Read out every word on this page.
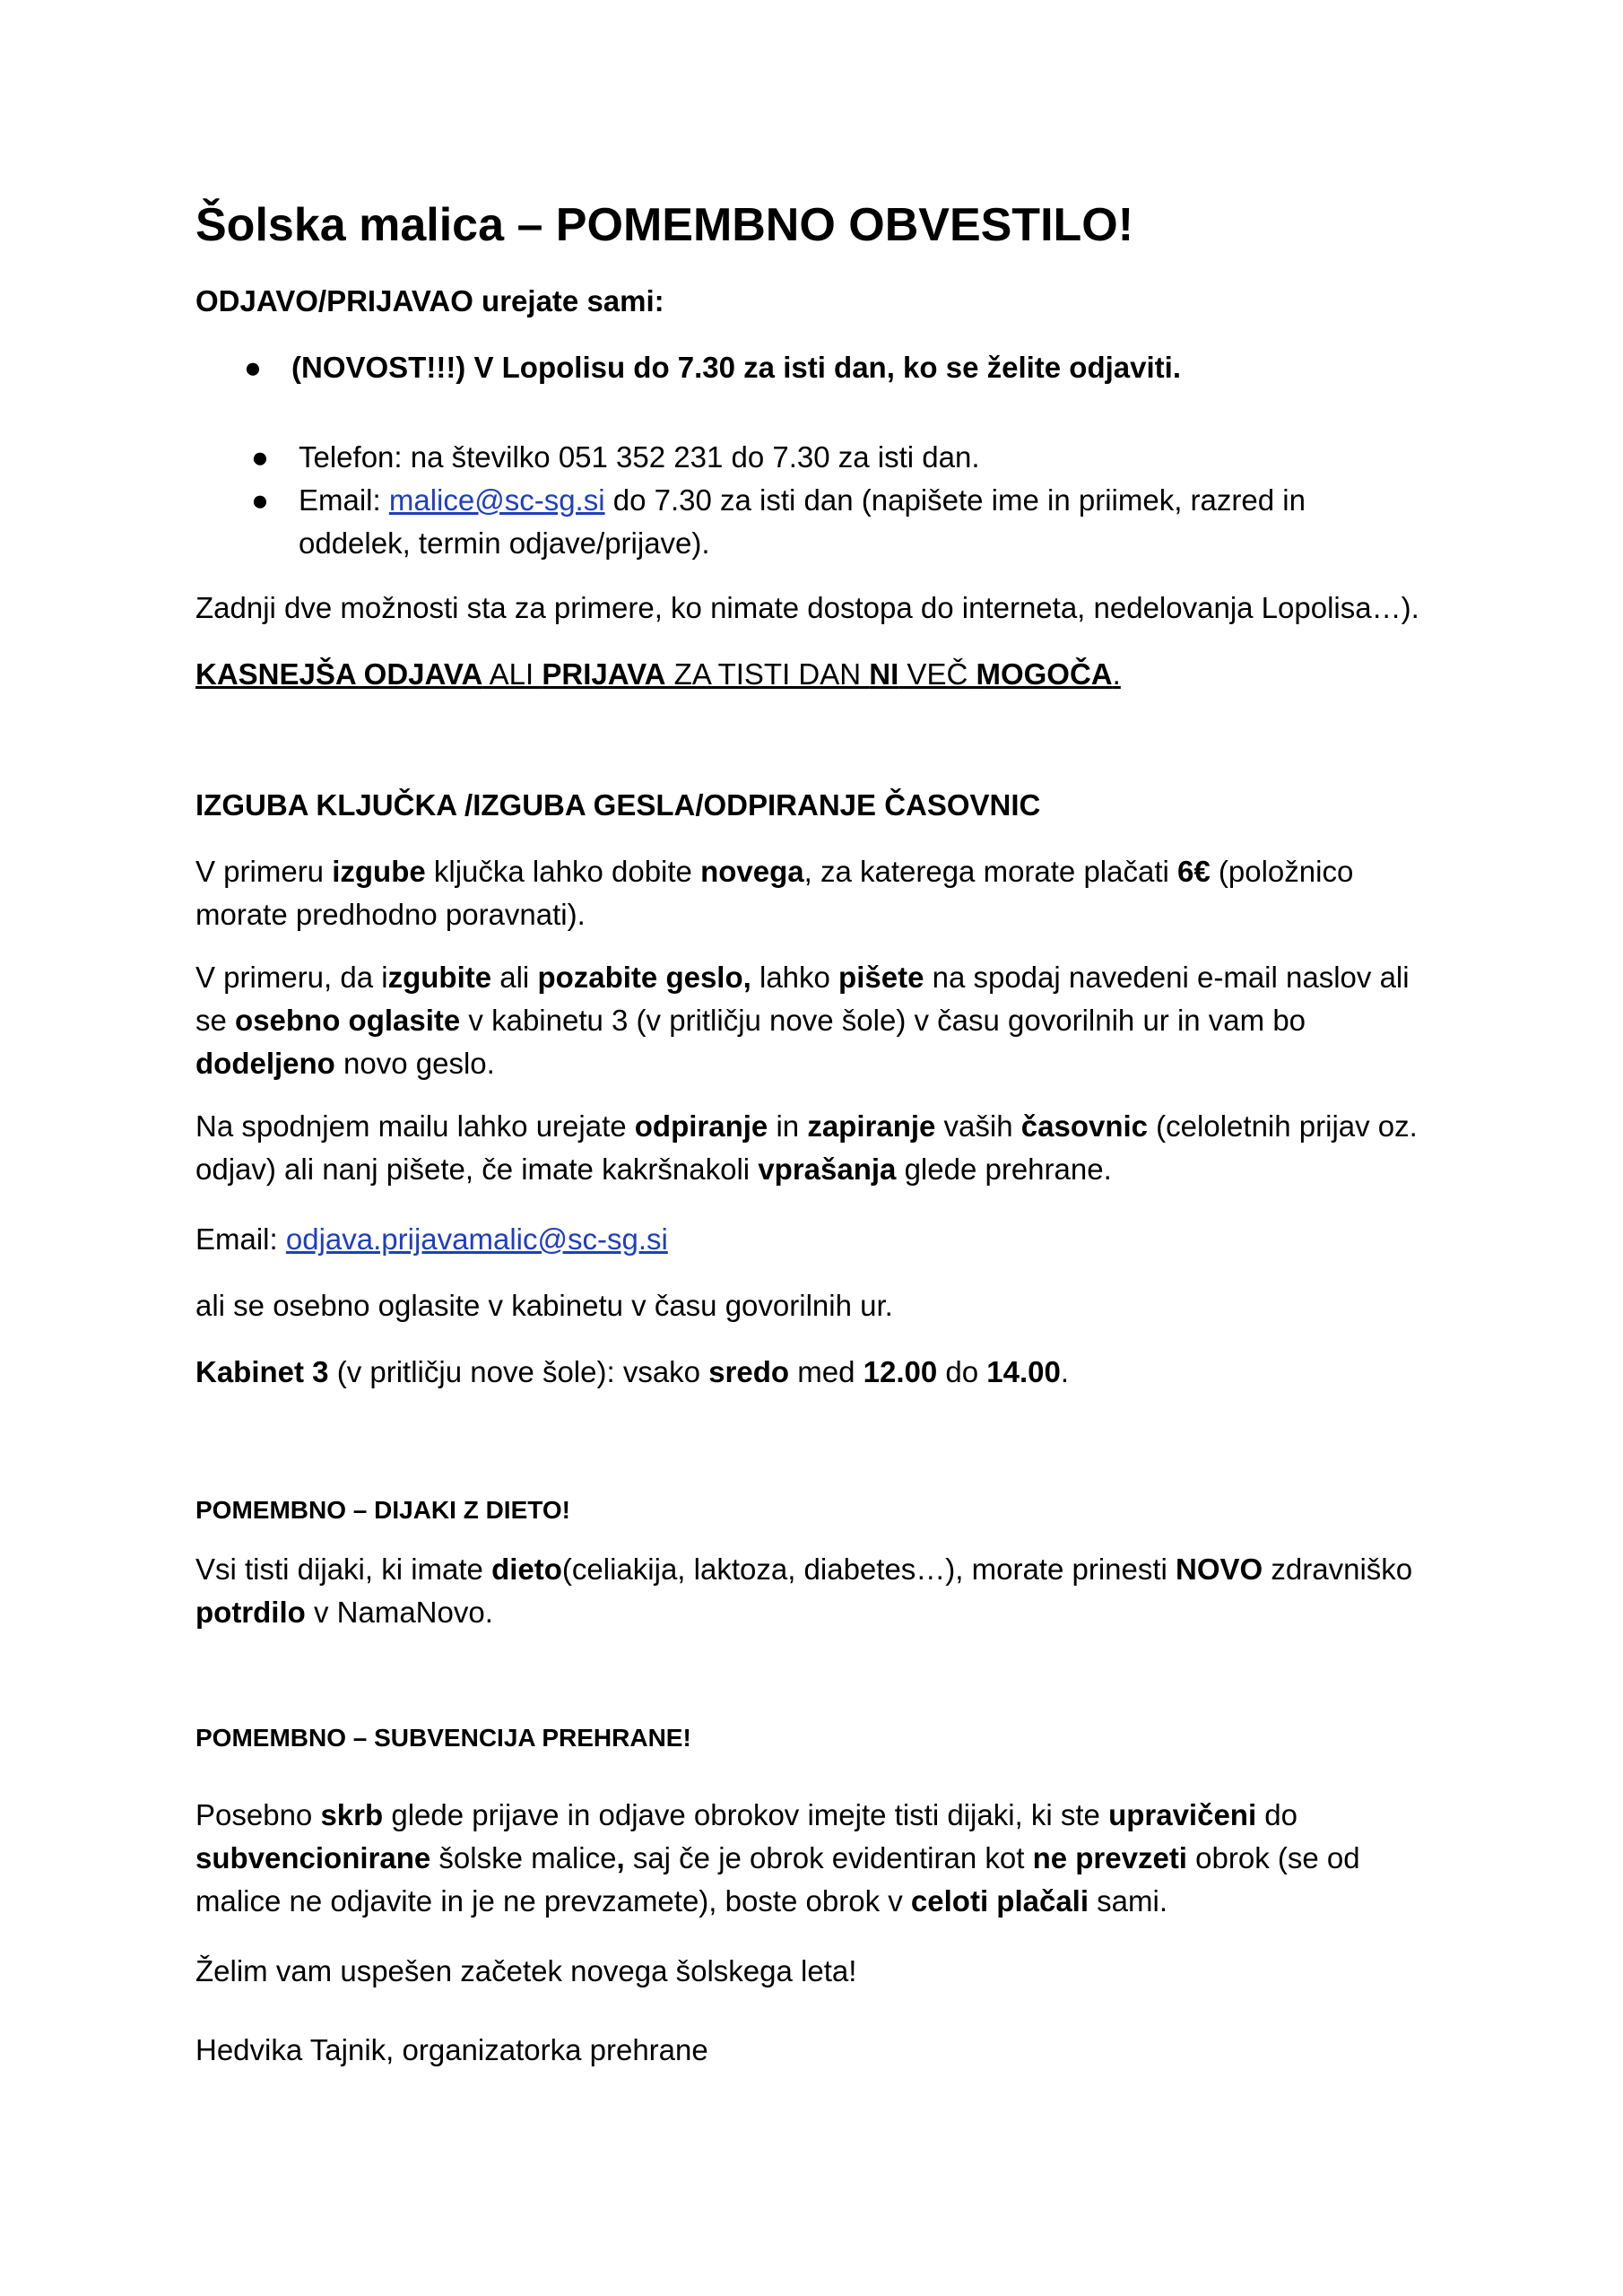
Šolska malica – POMEMBNO OBVESTILO!

ODJAVO/PRIJAVAO urejate sami:

● (NOVOST!!!) V Lopolisu do 7.30 za isti dan, ko se želite odjaviti.

● Telefon: na številko 051 352 231 do 7.30 za isti dan.

● Email: malice@sc-sg.si do 7.30 za isti dan (napišete ime in priimek, razred in
oddelek, termin odjave/prijave).

Zadnji dve možnosti sta za primere, ko nimate dostopa do interneta, nedelovanja Lopolisa…).

KASNEJŠA ODJAVA ALI PRIJAVA ZA TISTI DAN NI VEČ MOGOČA.

IZGUBA KLJUČKA /IZGUBA GESLA/ODPIRANJE ČASOVNIC

V primeru izgube ključka lahko dobite novega, za katerega morate plačati 6€ (položnico
morate predhodno poravnati).

V primeru, da izgubite ali pozabite geslo, lahko pišete na spodaj navedeni e-mail naslov ali
se osebno oglasite v kabinetu 3 (v pritličju nove šole) v času govorilnih ur in vam bo
dodeljeno novo geslo.

Na spodnjem mailu lahko urejate odpiranje in zapiranje vaših časovnic (celoletnih prijav oz.
odjav) ali nanj pišete, če imate kakršnakoli vprašanja glede prehrane.

Email: odjava.prijavamalic@sc-sg.si

ali se osebno oglasite v kabinetu v času govorilnih ur.

Kabinet 3 (v pritličju nove šole): vsako sredo med 12.00 do 14.00.

POMEMBNO – DIJAKI Z DIETO!

Vsi tisti dijaki, ki imate dieto(celiakija, laktoza, diabetes…), morate prinesti NOVO zdravniško
potrdilo v NamaNovo.

POMEMBNO – SUBVENCIJA PREHRANE!

Posebno skrb glede prijave in odjave obrokov imejte tisti dijaki, ki ste upravičeni do
subvencionirane šolske malice, saj če je obrok evidentiran kot ne prevzeti obrok (se od
malice ne odjavite in je ne prevzamete), boste obrok v celoti plačali sami.

Želim vam uspešen začetek novega šolskega leta!

Hedvika Tajnik, organizatorka prehrane
